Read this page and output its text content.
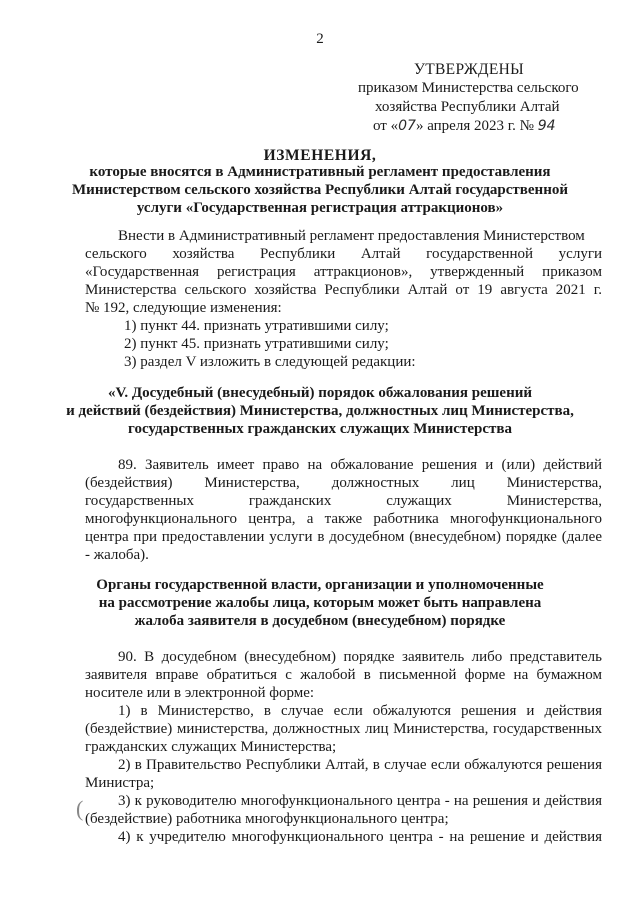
2
УТВЕРЖДЕНЫ
приказом Министерства сельского
хозяйства Республики Алтай
от «07» апреля 2023 г. № 94
ИЗМЕНЕНИЯ,
которые вносятся в Административный регламент предоставления
Министерством сельского хозяйства Республики Алтай государственной
услуги «Государственная регистрация аттракционов»
Внести в Административный регламент предоставления Министерством
сельского хозяйства Республики Алтай государственной услуги
«Государственная регистрация аттракционов», утвержденный приказом
Министерства сельского хозяйства Республики Алтай от 19 августа 2021 г.
№ 192, следующие изменения:
1) пункт 44. признать утратившими силу;
2) пункт 45. признать утратившими силу;
3) раздел V изложить в следующей редакции:
«V. Досудебный (внесудебный) порядок обжалования решений
и действий (бездействия) Министерства, должностных лиц Министерства,
государственных гражданских служащих Министерства
89. Заявитель имеет право на обжалование решения и (или) действий
(бездействия) Министерства, должностных лиц Министерства,
государственных гражданских служащих Министерства,
многофункционального центра, а также работника многофункционального
центра при предоставлении услуги в досудебном (внесудебном) порядке (далее
- жалоба).
Органы государственной власти, организации и уполномоченные
на рассмотрение жалобы лица, которым может быть направлена
жалоба заявителя в досудебном (внесудебном) порядке
90. В досудебном (внесудебном) порядке заявитель либо представитель
заявителя вправе обратиться с жалобой в письменной форме на бумажном
носителе или в электронной форме:
1) в Министерство, в случае если обжалуются решения и действия
(бездействие) министерства, должностных лиц Министерства, государственных
гражданских служащих Министерства;
2) в Правительство Республики Алтай, в случае если обжалуются решения
Министра;
3) к руководителю многофункционального центра - на решения и действия
(бездействие) работника многофункционального центра;
4) к учредителю многофункционального центра - на решение и действия
(
